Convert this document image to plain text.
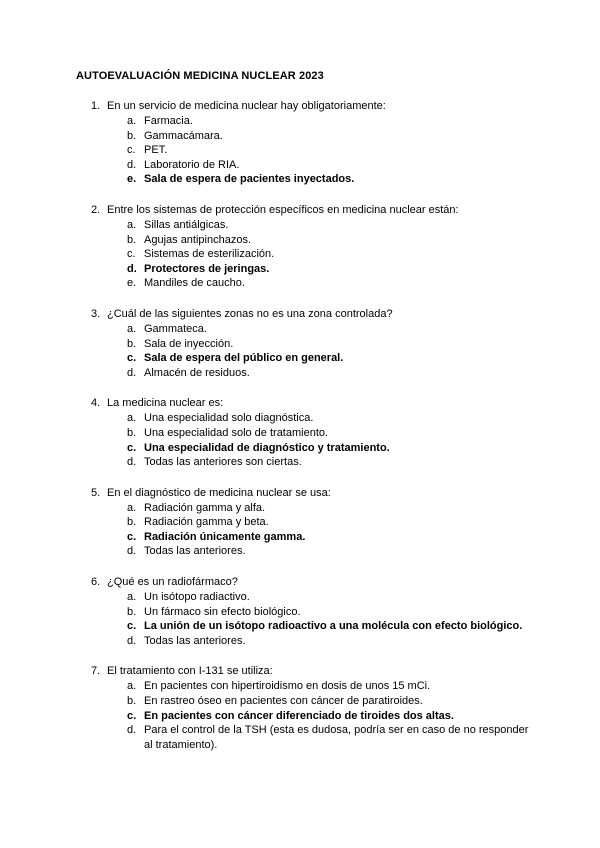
AUTOEVALUACIÓN MEDICINA NUCLEAR 2023
1. En un servicio de medicina nuclear hay obligatoriamente:
a. Farmacia.
b. Gammacámara.
c. PET.
d. Laboratorio de RIA.
e. Sala de espera de pacientes inyectados.
2. Entre los sistemas de protección específicos en medicina nuclear están:
a. Sillas antiálgicas.
b. Agujas antipinchazos.
c. Sistemas de esterilización.
d. Protectores de jeringas.
e. Mandiles de caucho.
3. ¿Cuál de las siguientes zonas no es una zona controlada?
a. Gammateca.
b. Sala de inyección.
c. Sala de espera del público en general.
d. Almacén de residuos.
4. La medicina nuclear es:
a. Una especialidad solo diagnóstica.
b. Una especialidad solo de tratamiento.
c. Una especialidad de diagnóstico y tratamiento.
d. Todas las anteriores son ciertas.
5. En el diagnóstico de medicina nuclear se usa:
a. Radiación gamma y alfa.
b. Radiación gamma y beta.
c. Radiación únicamente gamma.
d. Todas las anteriores.
6. ¿Qué es un radiofármaco?
a. Un isótopo radiactivo.
b. Un fármaco sin efecto biológico.
c. La unión de un isótopo radioactivo a una molécula con efecto biológico.
d. Todas las anteriores.
7. El tratamiento con I-131 se utiliza:
a. En pacientes con hipertiroidismo en dosis de unos 15 mCi.
b. En rastreo óseo en pacientes con cáncer de paratiroides.
c. En pacientes con cáncer diferenciado de tiroides dos altas.
d. Para el control de la TSH (esta es dudosa, podría ser en caso de no responder al tratamiento).
